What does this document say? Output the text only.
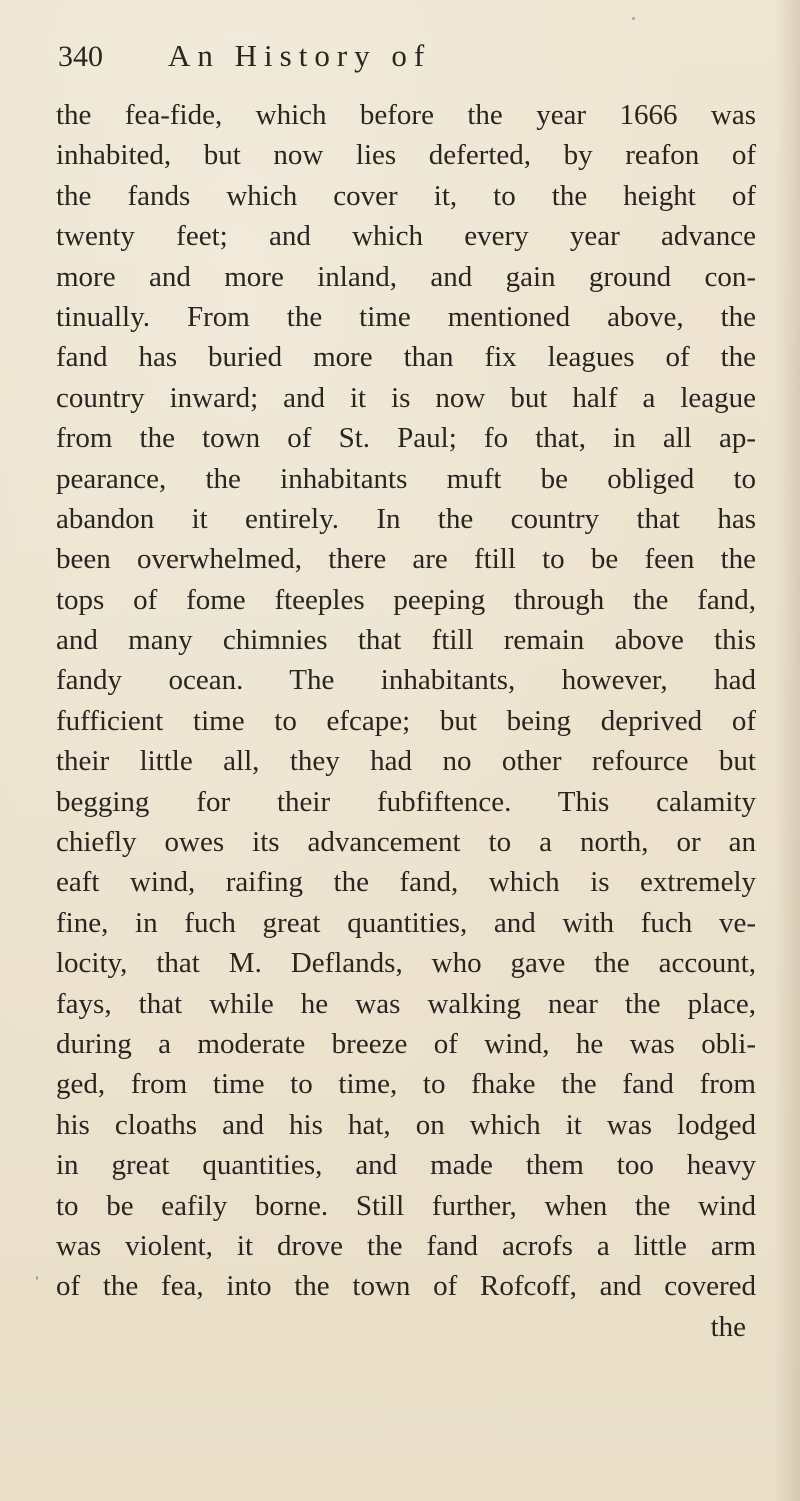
340 An History of
the fea-fide, which before the year 1666 was
inhabited, but now lies deferted, by reafon of
the fands which cover it, to the height of
twenty feet; and which every year advance
more and more inland, and gain ground con-
tinually. From the time mentioned above, the
fand has buried more than fix leagues of the
country inward; and it is now but half a league
from the town of St. Paul; fo that, in all ap-
pearance, the inhabitants muft be obliged to
abandon it entirely. In the country that has
been overwhelmed, there are ftill to be feen the
tops of fome fteeples peeping through the fand,
and many chimnies that ftill remain above this
fandy ocean. The inhabitants, however, had
fufficient time to efcape; but being deprived of
their little all, they had no other refource but
begging for their fubfiftence. This calamity
chiefly owes its advancement to a north, or an
eaft wind, raifing the fand, which is extremely
fine, in fuch great quantities, and with fuch ve-
locity, that M. Deflands, who gave the account,
fays, that while he was walking near the place,
during a moderate breeze of wind, he was obli-
ged, from time to time, to fhake the fand from
his cloaths and his hat, on which it was lodged
in great quantities, and made them too heavy
to be eafily borne. Still further, when the wind
was violent, it drove the fand acrofs a little arm
of the fea, into the town of Rofcoff, and covered
the
